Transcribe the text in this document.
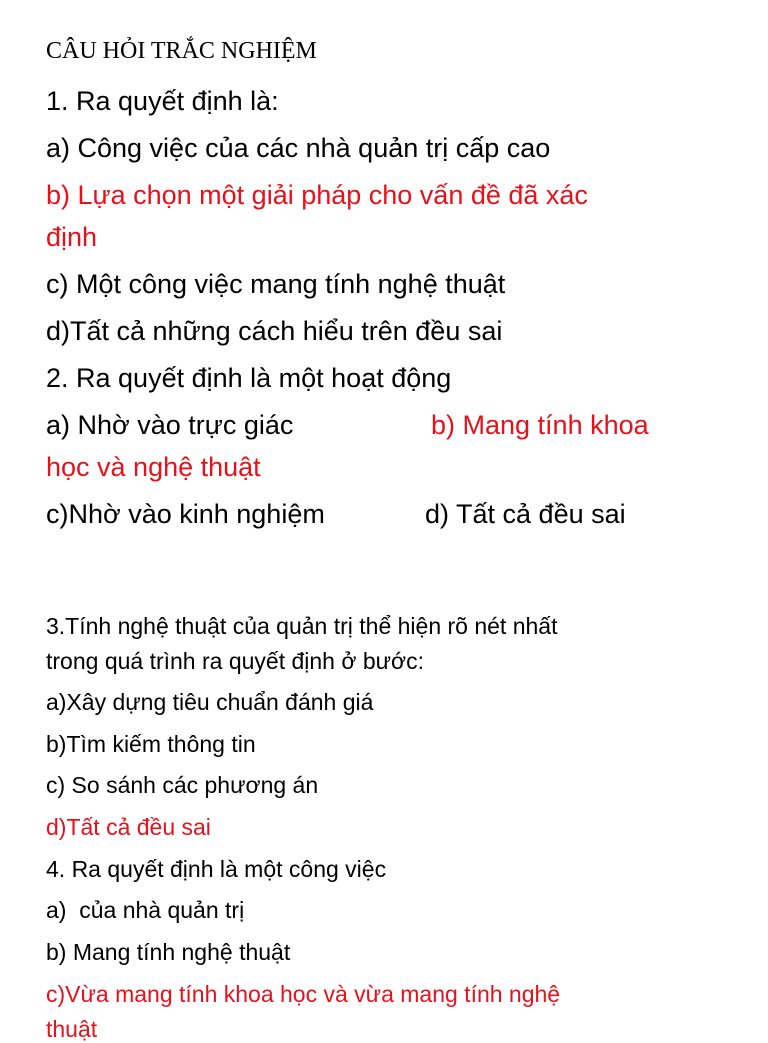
CÂU HỎI TRẮC NGHIỆM
1. Ra quyết định là:
a) Công việc của các nhà quản trị cấp cao
b) Lựa chọn một giải pháp cho vấn đề đã xác
định
c) Một công việc mang tính nghệ thuật
d)Tất cả những cách hiểu trên đều sai
2. Ra quyết định là một hoạt động
a) Nhờ vào trực giác	b) Mang tính khoa
học và nghệ thuật
c)Nhờ vào kinh nghiệm	d) Tất cả đều sai
3.Tính nghệ thuật của quản trị thể hiện rõ nét nhất
trong quá trình ra quyết định ở bước:
a)Xây dựng tiêu chuẩn đánh giá
b)Tìm kiếm thông tin
c) So sánh các phương án
d)Tất cả đều sai
4. Ra quyết định là một công việc
a)  của nhà quản trị
b) Mang tính nghệ thuật
c)Vừa mang tính khoa học và vừa mang tính nghệ
thuật
